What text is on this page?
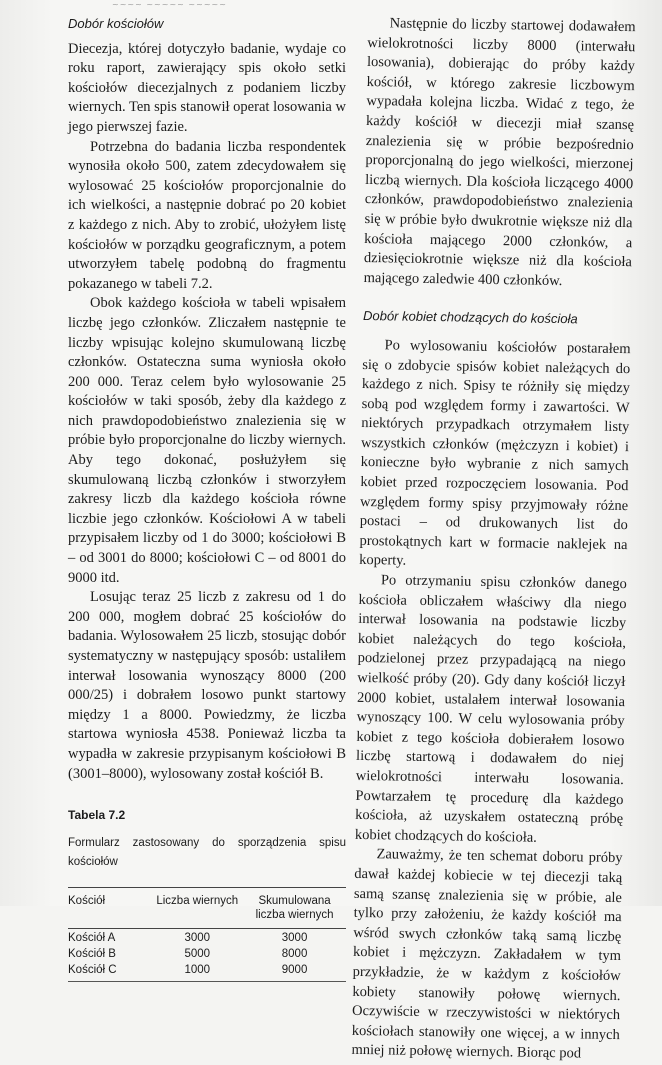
~~~~ ~~~~~ ~~~~~
Dobór kościołów

Diecezja, której dotyczyło badanie, wydaje co roku raport, zawierający spis około setki kościołów diecezjalnych z podaniem liczby wiernych. Ten spis stanowił operat losowania w jego pierwszej fazie.

Potrzebna do badania liczba respondentek wynosiła około 500, zatem zdecydowałem się wylosować 25 kościołów proporcjonalnie do ich wielkości, a następnie dobrać po 20 kobiet z każdego z nich. Aby to zrobić, ułożyłem listę kościołów w porządku geograficznym, a potem utworzyłem tabelę podobną do fragmentu pokazanego w tabeli 7.2.

Obok każdego kościoła w tabeli wpisałem liczbę jego członków. Zliczałem następnie te liczby wpisując kolejno skumulowaną liczbę członków. Ostateczna suma wyniosła około 200 000. Teraz celem było wylosowanie 25 kościołów w taki sposób, żeby dla każdego z nich prawdopodobieństwo znalezienia się w próbie było proporcjonalne do liczby wiernych. Aby tego dokonać, posłużyłem się skumulowaną liczbą członków i stworzyłem zakresy liczb dla każdego kościoła równe liczbie jego członków. Kościołowi A w tabeli przypisałem liczby od 1 do 3000; kościołowi B – od 3001 do 8000; kościołowi C – od 8001 do 9000 itd.

Losując teraz 25 liczb z zakresu od 1 do 200 000, mogłem dobrać 25 kościołów do badania. Wylosowałem 25 liczb, stosując dobór systematyczny w następujący sposób: ustaliłem interwał losowania wynoszący 8000 (200 000/25) i dobrałem losowo punkt startowy między 1 a 8000. Powiedzmy, że liczba startowa wyniosła 4538. Ponieważ liczba ta wypadła w zakresie przypisanym kościołowi B (3001–8000), wylosowany został kościół B.

Tabela 7.2
Formularz zastosowany do sporządzenia spisu kościołów
Kościół	Liczba wiernych	Skumulowana liczba wiernych
Kościół A	3000	3000
Kościół B	5000	8000
Kościół C	1000	9000

Następnie do liczby startowej dodawałem wielokrotności liczby 8000 (interwału losowania), dobierając do próby każdy kościół, w którego zakresie liczbowym wypadała kolejna liczba. Widać z tego, że każdy kościół w diecezji miał szansę znalezienia się w próbie bezpośrednio proporcjonalną do jego wielkości, mierzonej liczbą wiernych. Dla kościoła liczącego 4000 członków, prawdopodobieństwo znalezienia się w próbie było dwukrotnie większe niż dla kościoła mającego 2000 członków, a dziesięciokrotnie większe niż dla kościoła mającego zaledwie 400 członków.

Dobór kobiet chodzących do kościoła

Po wylosowaniu kościołów postarałem się o zdobycie spisów kobiet należących do każdego z nich. Spisy te różniły się między sobą pod względem formy i zawartości. W niektórych przypadkach otrzymałem listy wszystkich członków (mężczyzn i kobiet) i konieczne było wybranie z nich samych kobiet przed rozpoczęciem losowania. Pod względem formy spisy przyjmowały różne postaci – od drukowanych list do prostokątnych kart w formacie naklejek na koperty.

Po otrzymaniu spisu członków danego kościoła obliczałem właściwy dla niego interwał losowania na podstawie liczby kobiet należących do tego kościoła, podzielonej przez przypadającą na niego wielkość próby (20). Gdy dany kościół liczył 2000 kobiet, ustalałem interwał losowania wynoszący 100. W celu wylosowania próby kobiet z tego kościoła dobierałem losowo liczbę startową i dodawałem do niej wielokrotności interwału losowania. Powtarzałem tę procedurę dla każdego kościoła, aż uzyskałem ostateczną próbę kobiet chodzących do kościoła.

Zauważmy, że ten schemat doboru próby dawał każdej kobiecie w tej diecezji taką samą szansę znalezienia się w próbie, ale tylko przy założeniu, że każdy kościół ma wśród swych członków taką samą liczbę kobiet i mężczyzn. Zakładałem w tym przykładzie, że w każdym z kościołów kobiety stanowiły połowę wiernych. Oczywiście w rzeczywistości w niektórych kościołach stanowiły one więcej, a w innych mniej niż połowę wiernych. Biorąc pod
